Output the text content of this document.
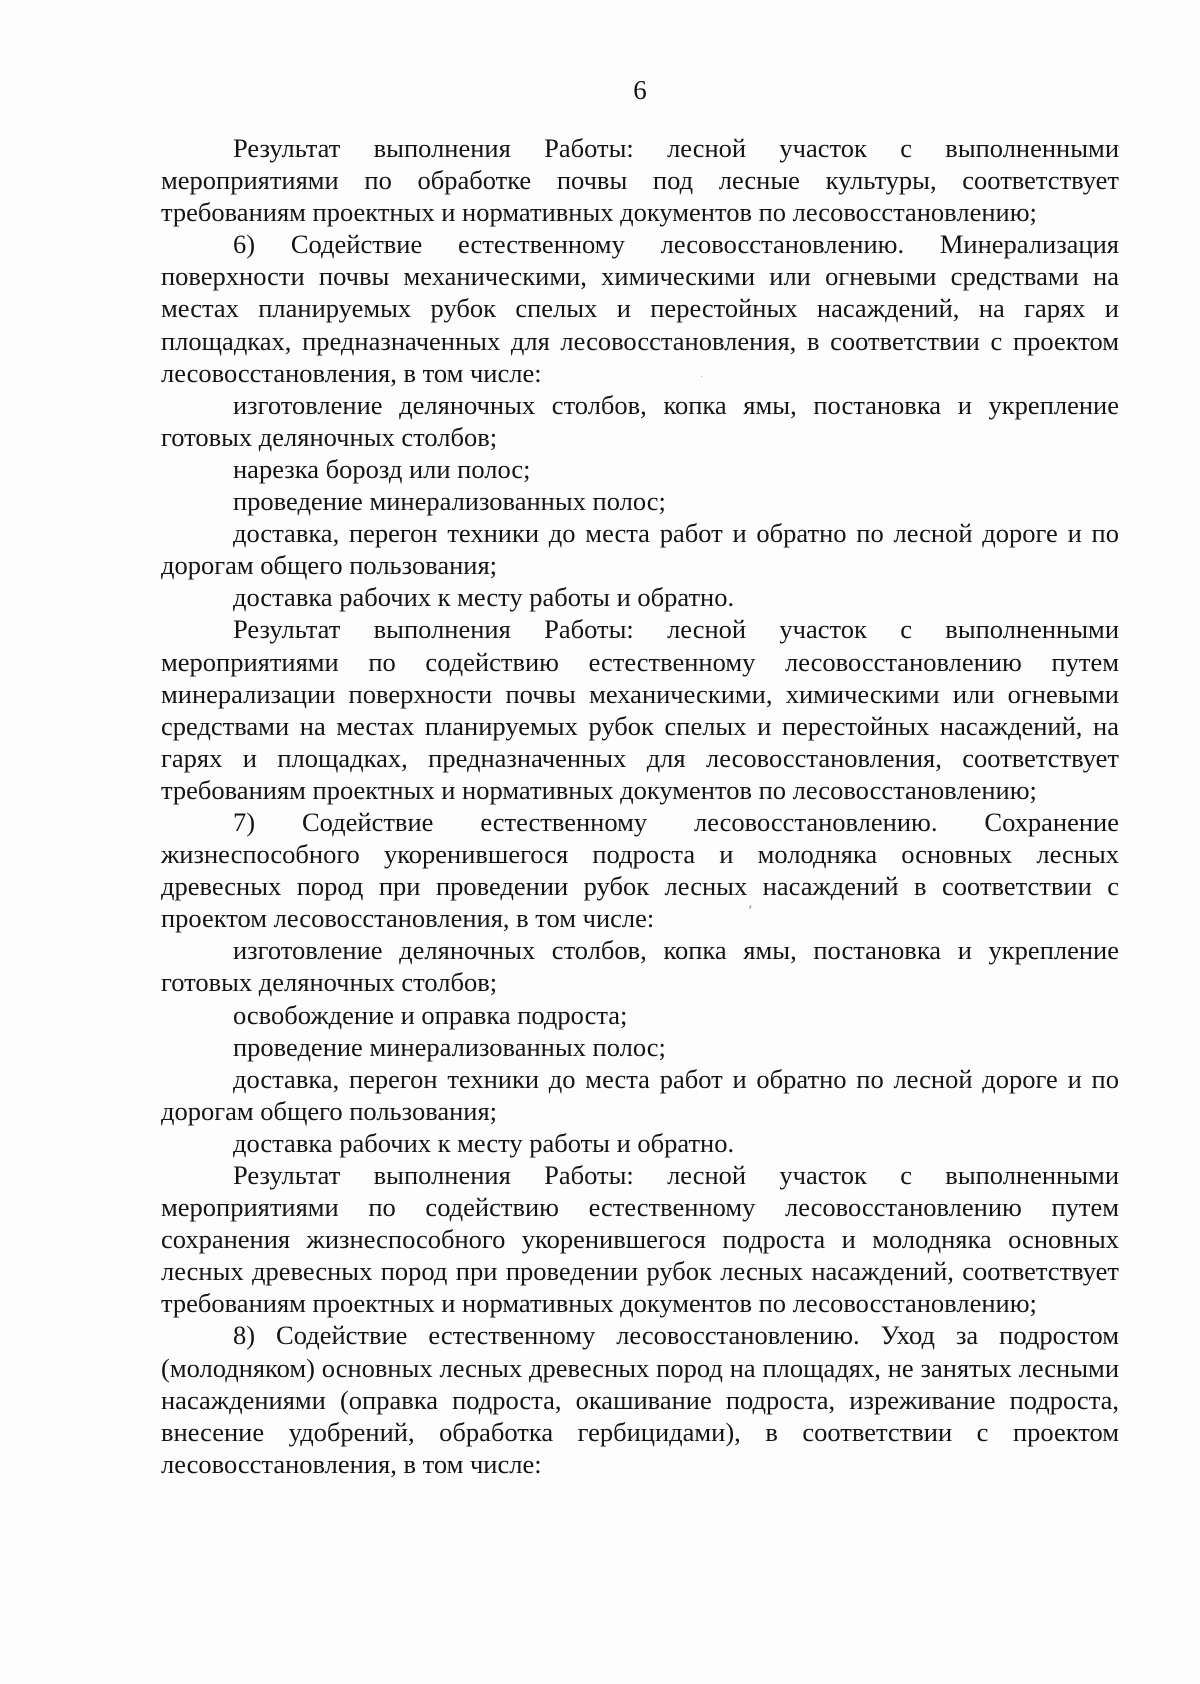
6

Результат выполнения Работы: лесной участок с выполненными мероприятиями по обработке почвы под лесные культуры, соответствует требованиям проектных и нормативных документов по лесовосстановлению;

6) Содействие естественному лесовосстановлению. Минерализация поверхности почвы механическими, химическими или огневыми средствами на местах планируемых рубок спелых и перестойных насаждений, на гарях и площадках, предназначенных для лесовосстановления, в соответствии с проектом лесовосстановления, в том числе:

изготовление деляночных столбов, копка ямы, постановка и укрепление готовых деляночных столбов;

нарезка борозд или полос;

проведение минерализованных полос;

доставка, перегон техники до места работ и обратно по лесной дороге и по дорогам общего пользования;

доставка рабочих к месту работы и обратно.

Результат выполнения Работы: лесной участок с выполненными мероприятиями по содействию естественному лесовосстановлению путем минерализации поверхности почвы механическими, химическими или огневыми средствами на местах планируемых рубок спелых и перестойных насаждений, на гарях и площадках, предназначенных для лесовосстановления, соответствует требованиям проектных и нормативных документов по лесовосстановлению;

7) Содействие естественному лесовосстановлению. Сохранение жизнеспособного укоренившегося подроста и молодняка основных лесных древесных пород при проведении рубок лесных насаждений в соответствии с проектом лесовосстановления, в том числе:

изготовление деляночных столбов, копка ямы, постановка и укрепление готовых деляночных столбов;

освобождение и оправка подроста;

проведение минерализованных полос;

доставка, перегон техники до места работ и обратно по лесной дороге и по дорогам общего пользования;

доставка рабочих к месту работы и обратно.

Результат выполнения Работы: лесной участок с выполненными мероприятиями по содействию естественному лесовосстановлению путем сохранения жизнеспособного укоренившегося подроста и молодняка основных лесных древесных пород при проведении рубок лесных насаждений, соответствует требованиям проектных и нормативных документов по лесовосстановлению;

8) Содействие естественному лесовосстановлению. Уход за подростом (молодняком) основных лесных древесных пород на площадях, не занятых лесными насаждениями (оправка подроста, окашивание подроста, изреживание подроста, внесение удобрений, обработка гербицидами), в соответствии с проектом лесовосстановления, в том числе:

·
’
